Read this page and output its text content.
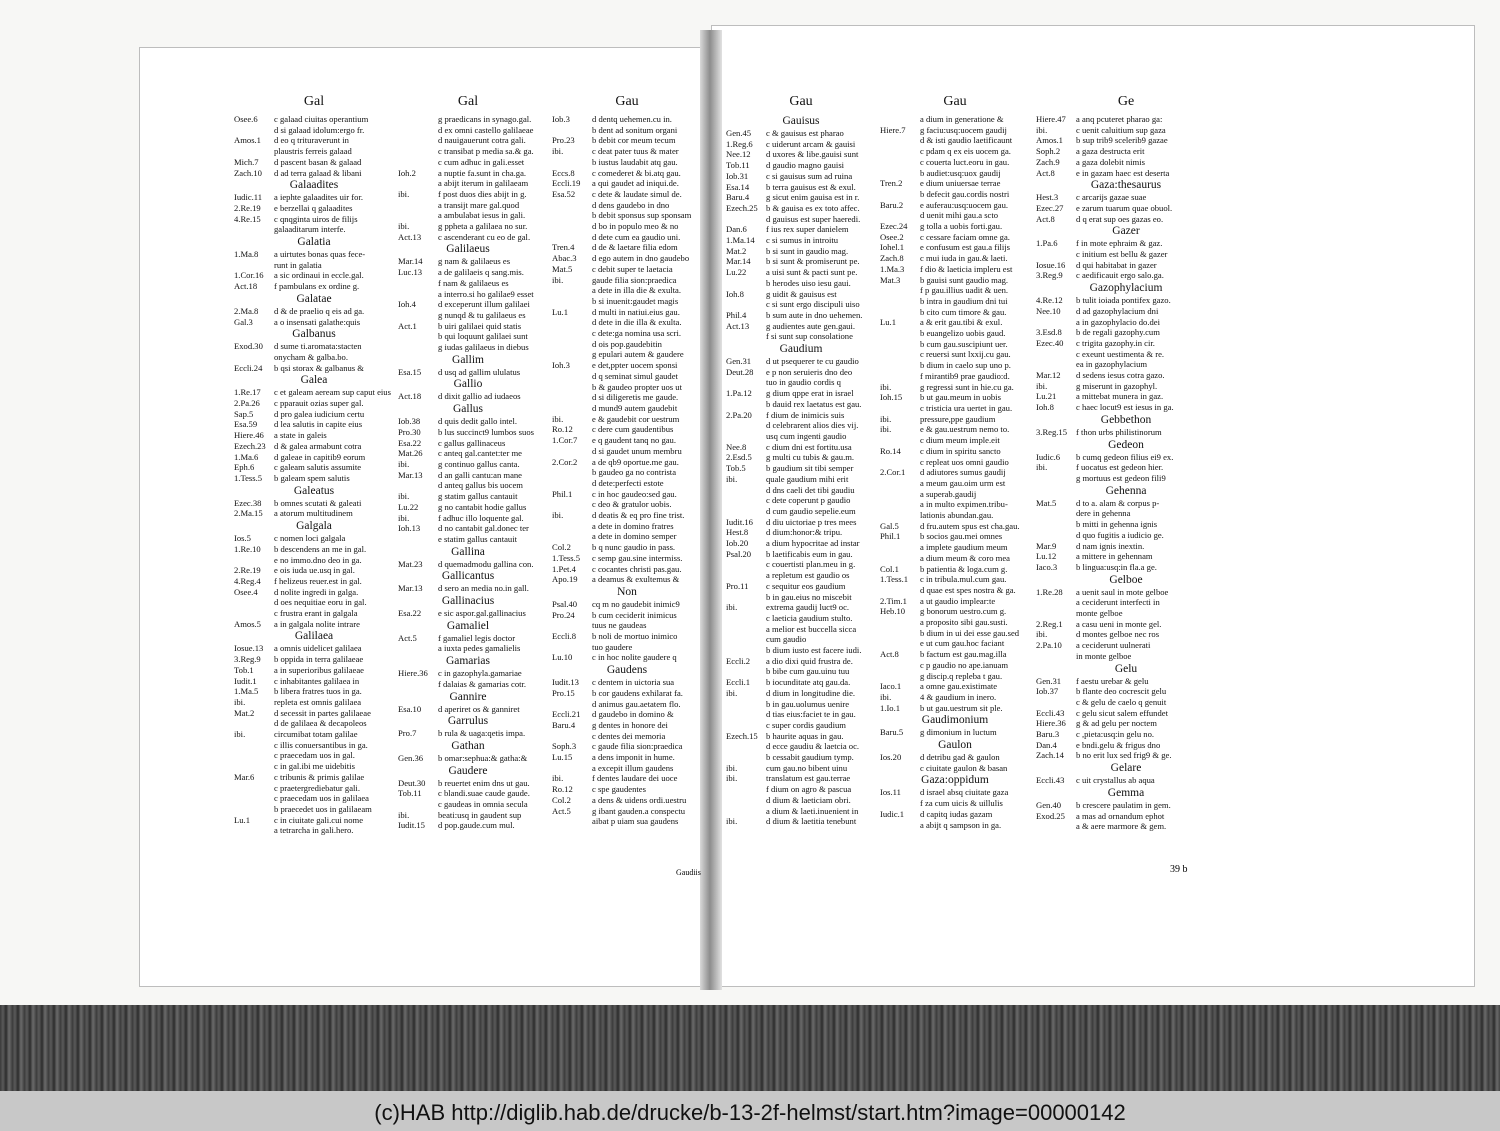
Gal
Osee.6 c galaad ciuitas operantium
d si galaad idolum:ergo fr.
Amos.1 d eo q trituraverunt in
plaustris ferreis galaad
Mich.7 d pascent basan & galaad
Zach.10 d ad terra galaad & libani
Galaadites
Iudic.11 a iephte galaadites uir for.
2.Re.19 e berzellai q galaadites
4.Re.15 c qnqginta uiros de filijs
galaaditarum interfe.
Galatia
1.Ma.8 a uirtutes bonas quas fece-
runt in galatia
1.Cor.16 a sic ordinaui in eccle.gal.
Act.18 f pambulans ex ordine g.
Galatae
2.Ma.8 d & de praelio q eis ad ga.
Gal.3 a o insensati galathe:quis
Galbanus
Exod.30 d sume ti.aromata:stacten
onycham & galba.bo.
Eccli.24 b qsi storax & galbanus &
Galea
1.Re.17 c et galeam aeream sup caput eius
2.Pa.26 c pparauit ozias super gal.
Sap.5 d pro galea iudicium certu
Esa.59 d lea salutis in capite eius
Hiere.46 a state in galeis
Ezech.23 d & galea armabunt cotra
1.Ma.6 d galeae in capitib9 eorum
Eph.6 c galeam salutis assumite
1.Tess.5 b galeam spem salutis
Galeatus
Ezec.38 b omnes scutati & galeati
2.Ma.15 a atorum multitudinem
Galgala
Ios.5	c nomen loci galgala
1.Re.10 b descendens an me in gal.
e no immo.dno deo in ga.
2.Re.19 e ois iuda ue.usq in gal.
4.Reg.4 f helizeus reuer.est in gal.
Osee.4 d nolite ingredi in galga.
d oes nequitiae eoru in gal.
c frustra erant in galgala
Amos.5 a in galgala nolite intrare
Galilaea
Iosue.13 a omnis uidelicet galilaea
3.Reg.9 b oppida in terra galilaeae
Tob.1 a in superioribus galilaeae
Iudit.1 c inhabitantes galilaea in
1.Ma.5 b libera fratres tuos in ga.
ibi.	repleta est omnis galilaea
Mat.2 d secessit in partes galilaeae
d de galilaea & decapoleos
ibi.	circumibat totam galilae
c illis conuersantibus in ga.
c praecedam uos in gal.
c in gal.ibi me uidebitis
Mar.6 c tribunis & primis galilae
c praetergrediebatur gali.
c praecedam uos in galilaea
b praecedet uos in galilaeam
Lu.1	c in ciuitate gali.cui nome
a tetrarcha in gali.hero.
Gal
g praedicans in synago.gal.
d ex omni castello galilaeae
d nauigauerunt cotra gali.
c transibat p media sa.& ga.
c cum adhuc in gali.esset
Ioh.2	a nuptie fa.sunt in cha.ga.
a abijt iterum in galilaeam
ibi.	f post duos dies abijt in g.
a transijt mare gal.quod
a ambulabat iesus in gali.
ibi.	g ppheta a galilaea no sur.
Act.13 c ascenderant cu eo de gal.
Galilaeus
Mar.14 g nam & galilaeus es
Luc.13 a de galilaeis q sang.mis.
f nam & galilaeus es
a interro.si ho galilae9 esset
Ioh.4	d exceperunt illum galilaei
g nunqd & tu galilaeus es
Act.1 b uiri galilaei quid statis
b qui loquunt galilaei sunt
g iudas galilaeus in diebus
Gallim
Esa.15 d usq ad gallim ululatus
Gallio
Act.18 d dixit gallio ad iudaeos
Gallus
Iob.38 d quis dedit gallo intel.
Pro.30 b lus succinct9 lumbos suos
Esa.22 c gallus gallinaceus
Mat.26 c anteq gal.cantet:ter me
ibi.	g continuo gallus canta.
Mar.13 d an galli cantu:an mane
d anteq gallus bis uocem
ibi.	g statim gallus cantauit
Lu.22 g no cantabit hodie gallus
ibi.	f adhuc illo loquente gal.
Ioh.13 d no cantabit gal.donec ter
e statim gallus cantauit
Gallina
Mat.23 d quemadmodu gallina con.
Gallicantus
Mar.13 d sero an media no.in gall.
Gallinacius
Esa.22 e sic aspor.gal.gallinacius
Gamaliel
Act.5 f gamaliel legis doctor
a iuxta pedes gamalielis
Gamarias
Hiere.36 c in gazophyla.gamariae
f dalaias & gamarias cotr.
Gannire
Esa.10 d aperiret os & ganniret
Garrulus
Pro.7	b rula & uaga:qetis impa.
Gathan
Gen.36 b omar:sephua:& gatha:&
Gaudere
Deut.30 b reuertet enim dns ut gau.
Tob.11 c blandi.suae caude gaude.
c gaudeas in omnia secula
ibi.	beati:usq in gaudent sup
Iudit.15 d pop.gaude.cum mul.
Gau
Iob.3	d dentq uehemen.cu in.
b dent ad sonitum organi
Pro.23 b debit cor meum tecum
ibi.	c deat pater tuus & mater
b iustus laudabit atq gau.
Eccs.8 c comederet & bi.atq gau.
Eccli.19 a qui gaudet ad iniqui.de.
Esa.52 c dete & laudate simul de.
d dens gaudebo in dno
b debit sponsus sup sponsam
d bo in populo meo & no
d dete cum ea gaudio uni.
Tren.4 d de & laetare filia edom
Abac.3 d ego autem in dno gaudebo
Mat.5 c debit super te laetacia
ibi.	gaude filia sion:praedica
a dete in illa die & exulta.
b si inuenit:gaudet magis
Lu.1	d multi in natiui.eius gau.
d dete in die illa & exulta.
c dete:ga nomina usa scri.
d ois pop.gaudebitin
g epulari autem & gaudere
Ioh.3	e det,ppter uocem sponsi
d q seminat simul gaudet
b & gaudeo propter uos ut
d si diligeretis me gaude.
d mund9 autem gaudebit
ibi.	e & gaudebit cor uestrum
Ro.12 c dere cum gaudentibus
1.Cor.7 e q gaudent tanq no gau.
d si gaudet unum membru
2.Cor.2 a de qb9 oportue.me gau.
b gaudeo ga no contrista
d dete:perfecti estote
Phil.1 c in hoc gaudeo:sed gau.
c deo & gratulor uobis.
ibi.	d deatis & eq pro fine trist.
a dete in domino fratres
a dete in domino semper
Col.2 b q nunc gaudio in pass.
1.Tess.5 c semp gau.sine intermiss.
1.Pet.4 c cocantes christi pas.gau.
Apo.19 a deamus & exultemus &
Non
Psal.40 cq m no gaudebit inimic9
Pro.24 b cum ceciderit inimicus
tuus ne gaudeas
Eccli.8 b noli de mortuo inimico
tuo gaudere
Lu.10 c in hoc nolite gaudere q
Gaudens
Iudit.13 c dentem in uictoria sua
Pro.15 b cor gaudens exhilarat fa.
d animus gau.aetatem flo.
Eccli.21 d gaudebo in domino &
Baru.4 g dentes in honore dei
c dentes dei memoria
Soph.3 c gaude filia sion:praedica
Lu.15 a dens imponit in hume.
a excepit illum gaudens
ibi.	f dentes laudare dei uoce
Ro.12 c spe gaudentes
Col.2 a dens & uidens ordi.uestru
Act.5 g ibant gauden.a conspectu
aibat p uiam sua gaudens
Gau
Gauisus
Gen.45 c & gauisus est pharao
1.Reg.6 c uiderunt arcam & gauisi
Nee.12 d uxores & libe.gauisi sunt
Tob.11 d gaudio magno gauisi
Iob.31 c si gauisus sum ad ruina
Esa.14 b terra gauisus est & exul.
Baru.4 g sicut enim gauisa est in r.
Ezech.25 b & gauisa es ex toto affec.
d gauisus est super haeredi.
Dan.6 f ius rex super danielem
1.Ma.14 c si sumus in introitu
Mat.2 b si sunt in gaudio mag.
Mar.14 b si sunt & promiserunt pe.
Lu.22 a uisi sunt & pacti sunt pe.
b herodes uiso iesu gaui.
Ioh.8	g uidit & gauisus est
c si sunt ergo discipuli uiso
Phil.4 b sum aute in dno uehemen.
Act.13 g audientes aute gen.gaui.
f si sunt sup consolatione
Gaudium
Gen.31 d ut psequerer te cu gaudio
Deut.28 e p non seruieris dno deo
tuo in gaudio cordis q
1.Pa.12 g dium qppe erat in israel
b dauid rex laetatus est gau.
2.Pa.20 f dium de inimicis suis
d celebrarent alios dies vij.
usq cum ingenti gaudio
Nee.8 c dium dni est fortitu.usa
2.Esd.5 g multi cu tubis & gau.m.
Tob.5 b gaudium sit tibi semper
ibi.	quale gaudium mihi erit
d dns caeli det tibi gaudiu
c dete coperunt p gaudio
d cum gaudio sepelie.eum
Iudit.16 d diu uictoriae p tres mees
Hest.8 d dium:honor:& tripu.
Iob.20 a dium hypocritae ad instar
Psal.20 b laetificabis eum in gau.
c couertisti plan.meu in g.
a repletum est gaudio os
Pro.11 c sequitur eos gaudium
b in gau.eius no miscebit
ibi.	extrema gaudij luct9 oc.
c laeticia gaudium stulto.
a melior est buccella sicca
cum gaudio
b dium iusto est facere iudi.
Eccli.2 a dio dixi quid frustra de.
b bibe cum gau.uinu tuu
Eccli.1 b iocunditate atq gau.da.
ibi.	d dium in longitudine die.
b in gau.uolumus uenire
d tias eius:faciet te in gau.
c super cordis gaudium
Ezech.15 b haurite aquas in gau.
d ecce gaudiu & laetcia oc.
b cessabit gaudium tymp.
ibi.	cum gau.no bibent uinu
ibi.	translatum est gau.terrae
f dium on agro & pascua
d dium & laeticiam obri.
a dium & laeti.inuenient in
ibi.	d dium & laetitia tenebunt
Gau
a dium in generatione &
Hiere.7 g faciu:usq:uocem gaudij
d & isti gaudio laetificaunt
c pdam q ex eis uocem ga.
c couerta luct.eoru in gau.
b audiet:usq:uox gaudij
Tren.2 e dium uniuersae terrae
b defecit gau.cordis nostri
Baru.2 e auferau:usq:uocem gau.
d uenit mihi gau.a scto
Ezec.24 g tolla a uobis forti.gau.
Osee.2 c cessare faciam omne ga.
Iohel.1 e confusum est gau.a filijs
Zach.8 c mui iuda in gau.& laeti.
1.Ma.3 f dio & laeticia impleru est
Mat.3 b gauisi sunt gaudio mag.
f p gau.illius uadit & uen.
b intra in gaudium dni tui
b cito cum timore & gau.
Lu.1	a & erit gau.tibi & exul.
b euangelizo uobis gaud.
b cum gau.suscipiunt uer.
c reuersi sunt lxxij.cu gau.
b dium in caelo sup uno p.
f mirantib9 prae gaudio:d.
ibi.	g regressi sunt in hie.cu ga.
Ioh.15 b ut gau.meum in uobis
c tristicia ura uertet in gau.
ibi.	pressure,ppe gaudium
ibi.	e & gau.uestrum nemo to.
c dium meum imple.eit
Ro.14 c dium in spiritu sancto
c repleat uos omni gaudio
2.Cor.1 d adiutores sumus gaudij
a meum gau.oim urm est
a superab.gaudij
a in multo expimen.tribu-
lationis abundan.gau.
Gal.5 d fru.autem spus est cha.gau.
Phil.1 b socios gau.mei omnes
a implete gaudium meum
a dium meum & coro mea
Col.1 b patientia & loga.cum g.
1.Tess.1 c in tribula.mul.cum gau.
d quae est spes nostra & ga.
2.Tim.1 a ut gaudio implear:te
Heb.10 g bonorum uestro.cum g.
a proposito sibi gau.susti.
b dium in ui dei esse gau.sed
e ut cum gau.hoc faciant
Act.8 b factum est gau.mag.illa
c p gaudio no ape.ianuam
g discip.q repleba t gau.
Iaco.1 a omne gau.existimate
ibi.	4 & gaudium in inero.
1.Io.1 b ut gau.uestrum sit ple.
Gaudimonium
Baru.5 g dimonium in luctum
Gaulon
Ios.20 d detribu gad & gaulon
c ciuitate gaulon & basan
Gaza:oppidum
Ios.11 d israel absq ciuitate gaza
f za cum uicis & uillulis
Iudic.1 d capitq iudas gazam
a abijt q sampson in ga.
Ge
Hiere.47 a anq pcuteret pharao ga:
ibi.	c uenit caluitium sup gaza
Amos.1 b sup trib9 scelerib9 gazae
Soph.2 a gaza destructa erit
Zach.9 a gaza dolebit nimis
Act.8 e in gazam haec est deserta
Gaza:thesaurus
Hest.3 c arcarijs gazae suae
Ezec.27 e zarum tuarum quae obuol.
Act.8 d q erat sup oes gazas eo.
Gazer
1.Pa.6 f in mote ephraim & gaz.
c initium est bellu & gazer
Iosue.16 d qui habitabat in gazer
3.Reg.9 c aedificauit ergo salo.ga.
Gazophylacium
4.Re.12 b tulit ioiada pontifex gazo.
Nee.10 d ad gazophylacium dni
a in gazophylacio do.dei
3.Esd.8 b de regali gazophy.cum
Ezec.40 c trigita gazophy.in cir.
c exeunt uestimenta & re.
ea in gazophylacium
Mar.12 d sedens iesus cotra gazo.
ibi.	g miserunt in gazophyl.
Lu.21 a mittebat munera in gaz.
Ioh.8	c haec locut9 est iesus in ga.
Gebbethon
3.Reg.15 f thon urbs philistinorum
Gedeon
Iudic.6 b cumq gedeon filius ei9 ex.
ibi.	f uocatus est gedeon hier.
g mortuus est gedeon fili9
Gehenna
Mat.5 d to a. alam & corpus p-
dere in gehenna
b mitti in gehenna ignis
d quo fugitis a iudicio ge.
Mar.9 d nam ignis inextin.
Lu.12 a mittere in gehennam
Iaco.3 b lingua:usq:in fla.a ge.
Gelboe
1.Re.28 a uenit saul in mote gelboe
a ceciderunt interfecti in
monte gelboe
2.Reg.1 a casu ueni in monte gel.
ibi.	d montes gelboe nec ros
2.Pa.10 a ceciderunt uulnerati
in monte gelboe
Gelu
Gen.31 f aestu urebar & gelu
Iob.37 b flante deo cocrescit gelu
c & gelu de caelo q genuit
Eccli.43 c gelu sicut salem effundet
Hiere.36 g & ad gelu per noctem
Baru.3 c ,pieta:usq:in gelu no.
Dan.4 e bndi.gelu & frigus dno
Zach.14 b no erit lux sed frig9 & ge.
Gelare
Eccli.43 c uit crystallus ab aqua
Gemma
Gen.40 b crescere paulatim in gem.
Exod.25 a mas ad ornandum ephot
a & aere marmore & gem.
Gaudiis	39 b
(c)HAB http://diglib.hab.de/drucke/b-13-2f-helmst/start.htm?image=00000142
